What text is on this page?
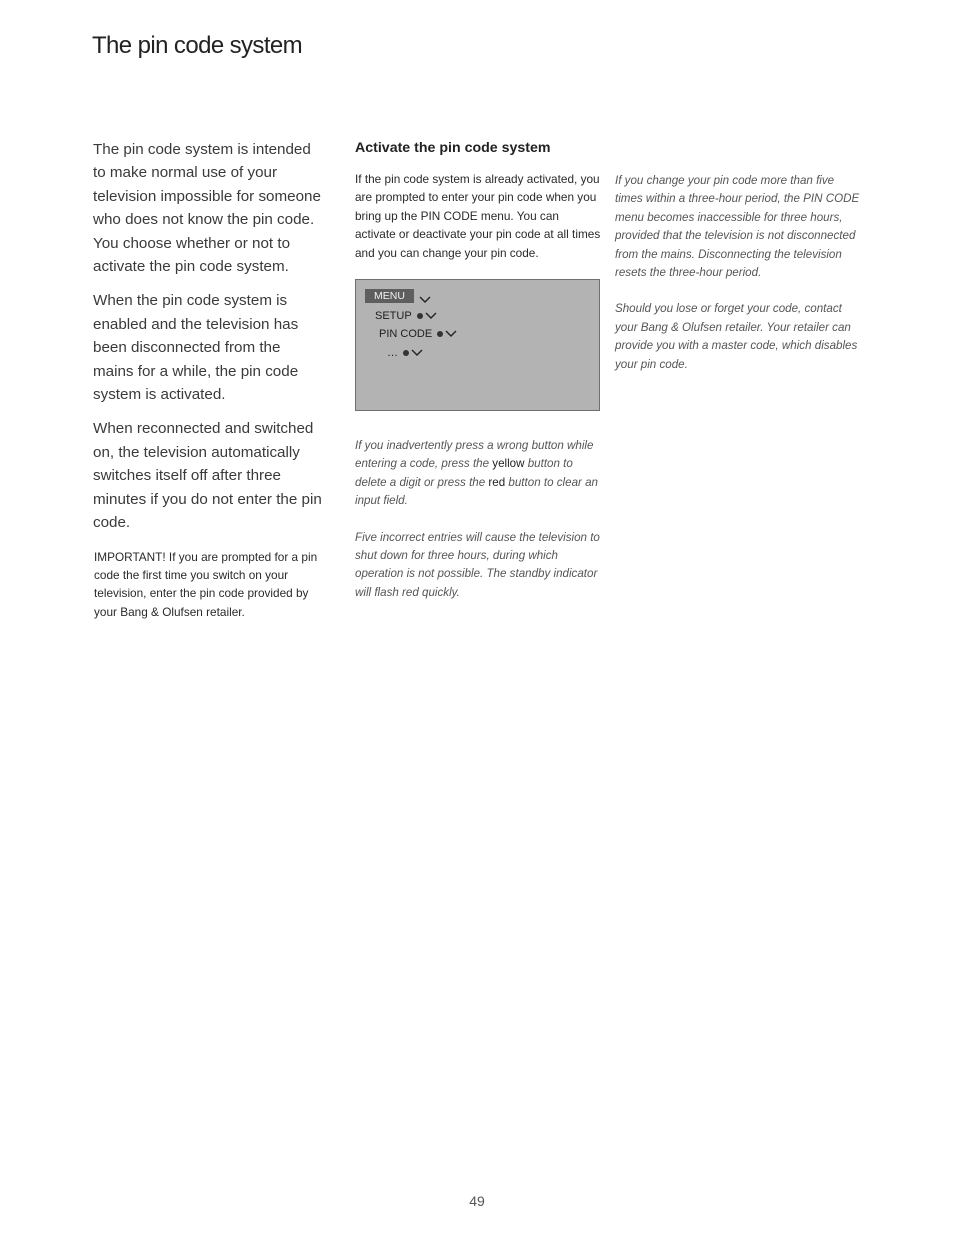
The pin code system

The pin code system is intended to make normal use of your television impossible for someone who does not know the pin code. You choose whether or not to activate the pin code system.

When the pin code system is enabled and the television has been disconnected from the mains for a while, the pin code system is activated.

When reconnected and switched on, the television automatically switches itself off after three minutes if you do not enter the pin code.

IMPORTANT! If you are prompted for a pin code the first time you switch on your television, enter the pin code provided by your Bang & Olufsen retailer.

Activate the pin code system

If the pin code system is already activated, you are prompted to enter your pin code when you bring up the PIN CODE menu. You can activate or deactivate your pin code at all times and you can change your pin code.

MENU
SETUP
PIN CODE
…

If you inadvertently press a wrong button while entering a code, press the yellow button to delete a digit or press the red button to clear an input field.

Five incorrect entries will cause the television to shut down for three hours, during which operation is not possible. The standby indicator will flash red quickly.

If you change your pin code more than five times within a three-hour period, the PIN CODE menu becomes inaccessible for three hours, provided that the television is not disconnected from the mains. Disconnecting the television resets the three-hour period.

Should you lose or forget your code, contact your Bang & Olufsen retailer. Your retailer can provide you with a master code, which disables your pin code.

49
